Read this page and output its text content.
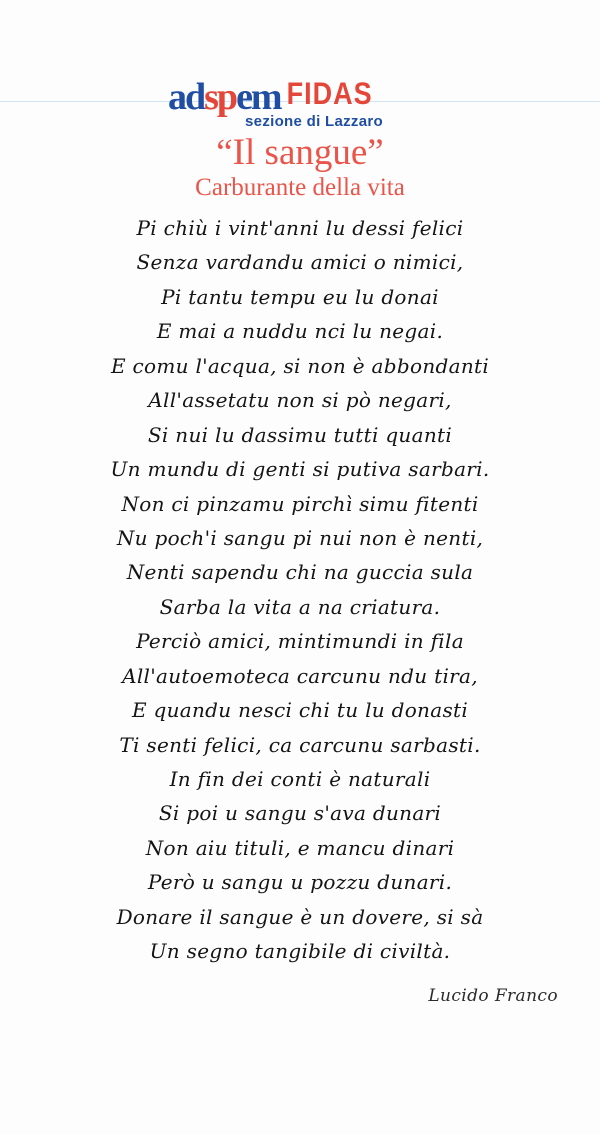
adspem FIDAS
sezione di Lazzaro
“Il sangue”
Carburante della vita
Pi chiù i vint'anni lu dessi felici
Senza vardandu amici o nimici,
Pi tantu tempu eu lu donai
E mai a nuddu nci lu negai.
E comu l'acqua, si non è abbondanti
All'assetatu non si pò negari,
Si nui lu dassimu tutti quanti
Un mundu di genti si putiva sarbari.
Non ci pinzamu pirchì simu fitenti
Nu poch'i sangu pi nui non è nenti,
Nenti sapendu chi na guccia sula
Sarba la vita a na criatura.
Perciò amici, mintimundi in fila
All'autoemoteca carcunu ndu tira,
E quandu nesci chi tu lu donasti
Ti senti felici, ca carcunu sarbasti.
In fin dei conti è naturali
Si poi u sangu s'ava dunari
Non aiu tituli, e mancu dinari
Però u sangu u pozzu dunari.
Donare il sangue è un dovere, si sà
Un segno tangibile di civiltà.
Lucido Franco
